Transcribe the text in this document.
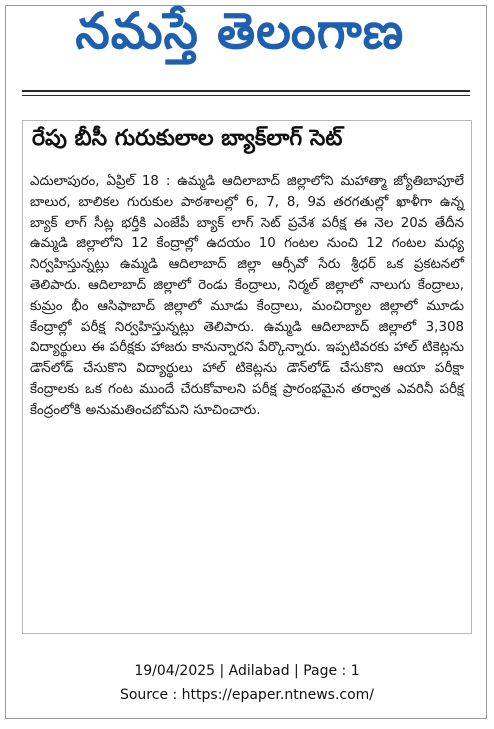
నమస్తే తెలంగాణ
రేపు బీసీ గురుకులాల బ్యాక్‌లాగ్ సెట్
ఎదులాపురం, ఏప్రిల్ 18 : ఉమ్మడి ఆదిలాబాద్ జిల్లాలోని మహాత్మా జ్యోతిబాపూలే బాలుర, బాలికల గురుకుల పాఠశాలల్లో 6, 7, 8, 9వ తరగతుల్లో ఖాళీగా ఉన్న బ్యాక్ లాగ్ సీట్ల భర్తీకి ఎంజేపీ బ్యాక్ లాగ్ సెట్ ప్రవేశ పరీక్ష ఈ నెల 20వ తేదీన ఉమ్మడి జిల్లాలోని 12 కేంద్రాల్లో ఉదయం 10 గంటల నుంచి 12 గంటల మధ్య నిర్వహిస్తున్నట్లు ఉమ్మడి ఆదిలాబాద్ జిల్లా ఆర్సీవో సేరు శ్రీధర్ ఒక ప్రకటనలో తెలిపారు. ఆదిలాబాద్ జిల్లాలో రెండు కేంద్రాలు, నిర్మల్ జిల్లాలో నాలుగు కేంద్రాలు, కుమ్రం భీం ఆసిఫాబాద్ జిల్లాలో మూడు కేంద్రాలు, మంచిర్యాల జిల్లాలో మూడు కేంద్రాల్లో పరీక్ష నిర్వహిస్తున్నట్లు తెలిపారు. ఉమ్మడి ఆదిలాబాద్ జిల్లాలో 3,308 విద్యార్థులు ఈ పరీక్షకు హాజరు కానున్నారని పేర్కొన్నారు. ఇప్పటివరకు హాల్ టికెట్లను డౌన్‌లోడ్ చేసుకొని విద్యార్థులు హాల్ టికెట్లను డౌన్‌లోడ్ చేసుకొని ఆయా పరీక్షా కేంద్రాలకు ఒక గంట ముందే చేరుకోవాలని పరీక్ష ప్రారంభమైన తర్వాత ఎవరినీ పరీక్ష కేంద్రంలోకి అనుమతించబోమని సూచించారు.
19/04/2025 | Adilabad | Page : 1
Source : https://epaper.ntnews.com/
